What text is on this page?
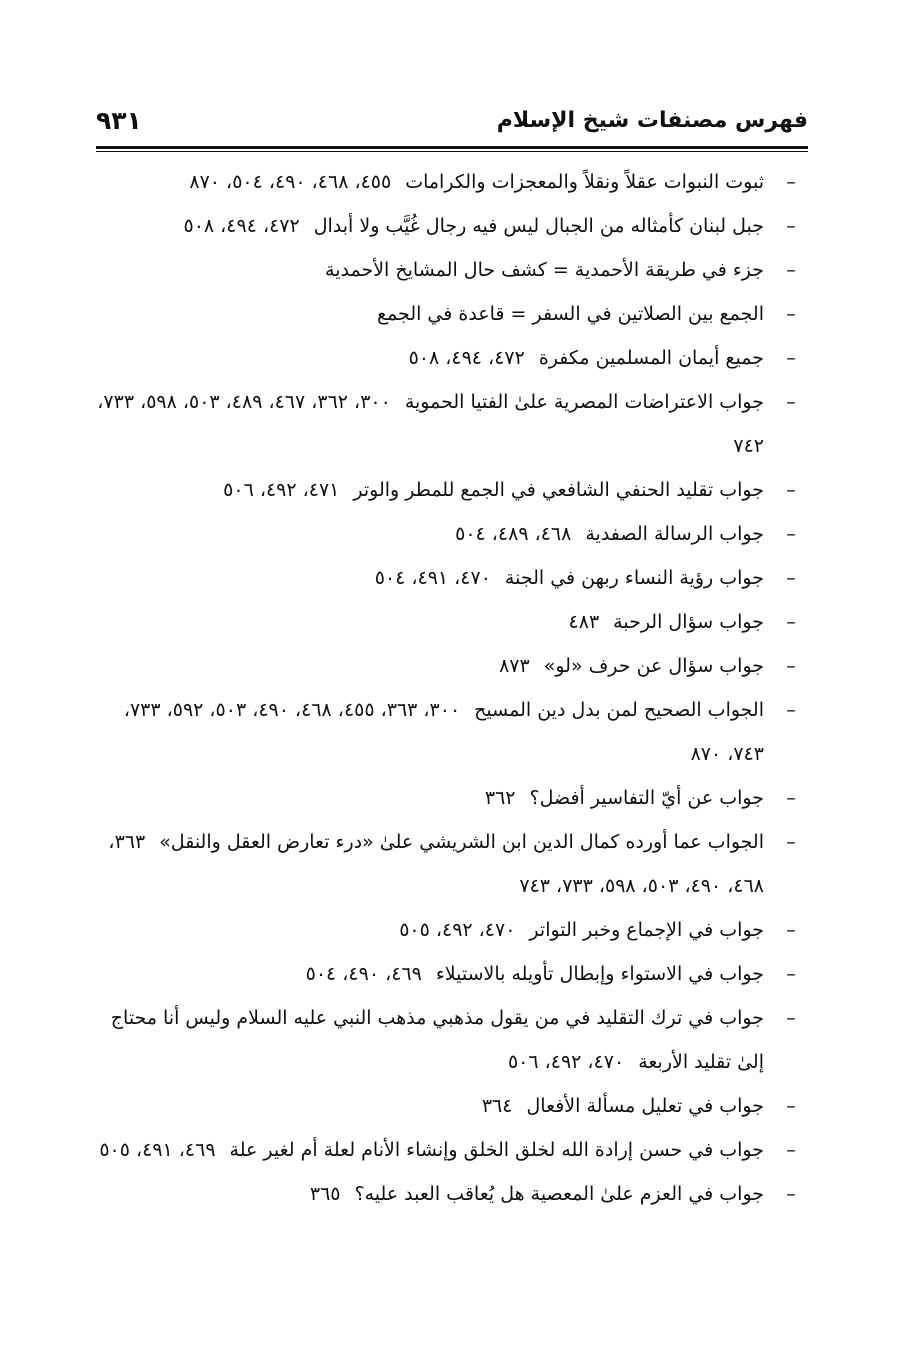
فهرس مصنفات شيخ الإسلام
٩٣١
–
ثبوت النبوات عقلاً ونقلاً والمعجزات والكرامات٤٥٥، ٤٦٨، ٤٩٠، ٥٠٤، ٨٧٠
–
جبل لبنان كأمثاله من الجبال ليس فيه رجال غُيَّب ولا أبدال٤٧٢، ٤٩٤، ٥٠٨
–
جزء في طريقة الأحمدية = كشف حال المشايخ الأحمدية
–
الجمع بين الصلاتين في السفر = قاعدة في الجمع
–
جميع أيمان المسلمين مكفرة٤٧٢، ٤٩٤، ٥٠٨
–
جواب الاعتراضات المصرية علىٰ الفتيا الحموية٣٠٠، ٣٦٢، ٤٦٧، ٤٨٩، ٥٠٣، ٥٩٨، ٧٣٣، ٧٤٢
–
جواب تقليد الحنفي الشافعي في الجمع للمطر والوتر٤٧١، ٤٩٢، ٥٠٦
–
جواب الرسالة الصفدية٤٦٨، ٤٨٩، ٥٠٤
–
جواب رؤية النساء ربهن في الجنة٤٧٠، ٤٩١، ٥٠٤
–
جواب سؤال الرحبة٤٨٣
–
جواب سؤال عن حرف «لو»٨٧٣
–
الجواب الصحيح لمن بدل دين المسيح٣٠٠، ٣٦٣، ٤٥٥، ٤٦٨، ٤٩٠، ٥٠٣، ٥٩٢، ٧٣٣، ٧٤٣، ٨٧٠
–
جواب عن أيّ التفاسير أفضل؟٣٦٢
–
الجواب عما أورده كمال الدين ابن الشريشي علىٰ «درء تعارض العقل والنقل»٣٦٣، ٤٦٨، ٤٩٠، ٥٠٣، ٥٩٨، ٧٣٣، ٧٤٣
–
جواب في الإجماع وخبر التواتر٤٧٠، ٤٩٢، ٥٠٥
–
جواب في الاستواء وإبطال تأويله بالاستيلاء٤٦٩، ٤٩٠، ٥٠٤
–
جواب في ترك التقليد في من يقول مذهبي مذهب النبي عليه السلام وليس أنا محتاج إلىٰ تقليد الأربعة٤٧٠، ٤٩٢، ٥٠٦
–
جواب في تعليل مسألة الأفعال٣٦٤
–
جواب في حسن إرادة الله لخلق الخلق وإنشاء الأنام لعلة أم لغير علة٤٦٩، ٤٩١، ٥٠٥
–
جواب في العزم علىٰ المعصية هل يُعاقب العبد عليه؟٣٦٥
